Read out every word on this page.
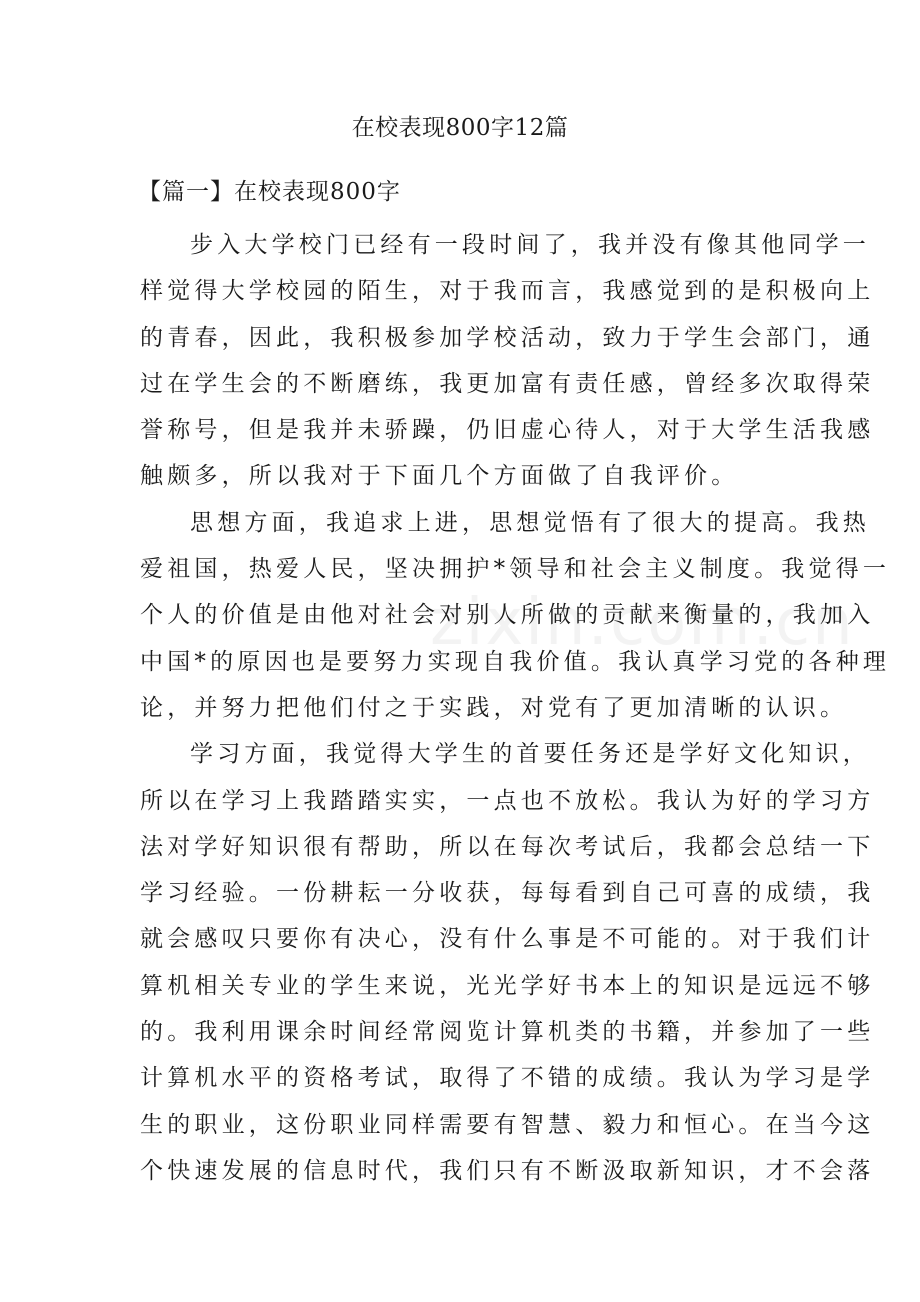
在校表现800字12篇
【篇一】在校表现800字
步入大学校门已经有一段时间了，我并没有像其他同学一
样觉得大学校园的陌生，对于我而言，我感觉到的是积极向上
的青春，因此，我积极参加学校活动，致力于学生会部门，通
过在学生会的不断磨练，我更加富有责任感，曾经多次取得荣
誉称号，但是我并未骄躁，仍旧虚心待人，对于大学生活我感
触颇多，所以我对于下面几个方面做了自我评价。
思想方面，我追求上进，思想觉悟有了很大的提高。我热
爱祖国，热爱人民，坚决拥护*领导和社会主义制度。我觉得一
个人的价值是由他对社会对别人所做的贡献来衡量的，我加入
中国*的原因也是要努力实现自我价值。我认真学习党的各种理
论，并努力把他们付之于实践，对党有了更加清晰的认识。
学习方面，我觉得大学生的首要任务还是学好文化知识，
所以在学习上我踏踏实实，一点也不放松。我认为好的学习方
法对学好知识很有帮助，所以在每次考试后，我都会总结一下
学习经验。一份耕耘一分收获，每每看到自己可喜的成绩，我
就会感叹只要你有决心，没有什么事是不可能的。对于我们计
算机相关专业的学生来说，光光学好书本上的知识是远远不够
的。我利用课余时间经常阅览计算机类的书籍，并参加了一些
计算机水平的资格考试，取得了不错的成绩。我认为学习是学
生的职业，这份职业同样需要有智慧、毅力和恒心。在当今这
个快速发展的信息时代，我们只有不断汲取新知识，才不会落
